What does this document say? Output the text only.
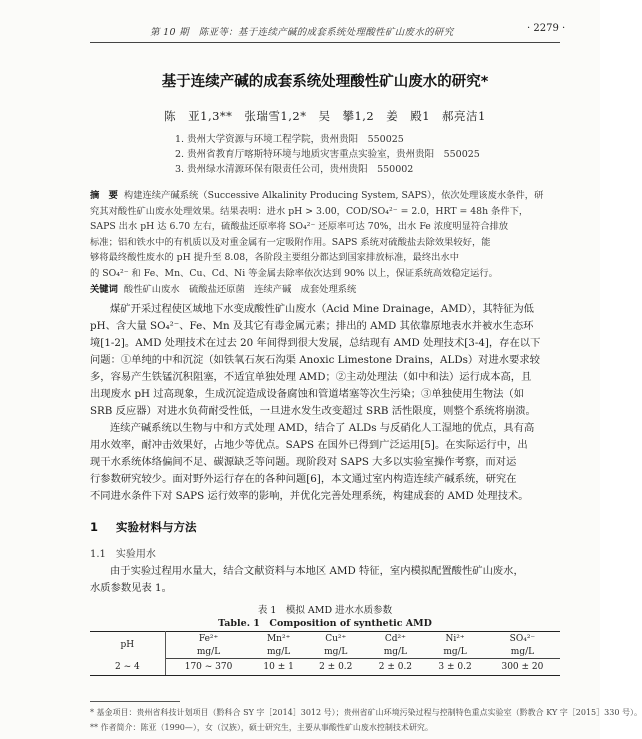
第 10 期　陈亚等：基于连续产碱的成套系统处理酸性矿山废水的研究	· 2279 ·
基于连续产碱的成套系统处理酸性矿山废水的研究*
陈　亚1,3**　张瑞雪1,2*　吴　攀1,2　姜　殿1　郝亮洁1
1. 贵州大学资源与环境工程学院，贵州贵阳　550025
2. 贵州省教育厅喀斯特环境与地质灾害重点实验室，贵州贵阳　550025
3. 贵州绿水清源环保有限责任公司，贵州贵阳　550002
摘　要 构建连续产碱系统（Successive Alkalinity Producing System, SAPS），依次处理该废水条件，研
究其对酸性矿山废水处理效果。结果表明：进水 pH > 3.00，COD/SO₄²⁻ = 2.0，HRT = 48h 条件下，
SAPS 出水 pH 达 6.70 左右，硫酸盐还原率将 SO₄²⁻ 还原率可达 70%，出水 Fe 浓度明显符合排放
标准；铝和铁水中的有机质以及对重金属有一定吸附作用。SAPS 系统对硫酸盐去除效果较好，能
够将最终酸性废水的 pH 提升至 8.08，各阶段主要组分都达到国家排放标准，最终出水中
的 SO₄²⁻ 和 Fe、Mn、Cu、Cd、Ni 等金属去除率依次达到 90% 以上，保证系统高效稳定运行。
关键词 酸性矿山废水　硫酸盐还原菌　连续产碱　成套处理系统
煤矿开采过程使区域地下水变成酸性矿山废水（Acid Mine Drainage，AMD），其特征为低
pH、含大量 SO₄²⁻、Fe、Mn 及其它有毒金属元素；排出的 AMD 其依靠原地表水并被水生态环
境[1-2]。AMD 处理技术在过去 20 年间得到很大发展，总结现有 AMD 处理技术[3-4]，存在以下
问题：①单纯的中和沉淀（如铁氧石灰石沟渠 Anoxic Limestone Drains，ALDs）对进水要求较
多，容易产生铁锰沉积阻塞，不适宜单独处理 AMD；②主动处理法（如中和法）运行成本高，且
出现废水 pH 过高现象，生成沉淀造成设备腐蚀和管道堵塞等次生污染；③单独使用生物法（如
SRB 反应器）对进水负荷耐受性低，一旦进水发生改变超过 SRB 活性限度，则整个系统将崩溃。
连续产碱系统以生物与中和方式处理 AMD，结合了 ALDs 与反硝化人工湿地的优点，具有高
用水效率，耐冲击效果好，占地少等优点。SAPS 在国外已得到广泛运用[5]。在实际运行中，出
现干水系统体络偏间不足、碳源缺乏等问题。现阶段对 SAPS 大多以实验室操作考察，而对运
行参数研究较少。面对野外运行存在的各种问题[6]，本文通过室内构造连续产碱系统，研究在
不同进水条件下对 SAPS 运行效率的影响，并优化完善处理系统，构建成套的 AMD 处理技术。
1 实验材料与方法
1.1　实验用水
由于实验过程用水量大，结合文献资料与本地区 AMD 特征，室内模拟配置酸性矿山废水，
水质参数见表 1。
表 1　模拟 AMD 进水水质参数
Table. 1　Composition of synthetic AMD
pH	Fe²⁺	Mn²⁺	Cu²⁺	Cd²⁺	Ni²⁺	SO₄²⁻
	mg/L	mg/L	mg/L	mg/L	mg/L	mg/L
2 ~ 4	170 ~ 370	10 ± 1	2 ± 0.2	2 ± 0.2	3 ± 0.2	300 ± 20
* 基金项目：贵州省科技计划项目（黔科合 SY 字［2014］3012 号）；贵州省矿山环境污染过程与控制特色重点实验室（黔教合 KY 字［2015］330 号）。
** 作者简介：陈亚（1990—），女（汉族），硕士研究生，主要从事酸性矿山废水控制技术研究。
